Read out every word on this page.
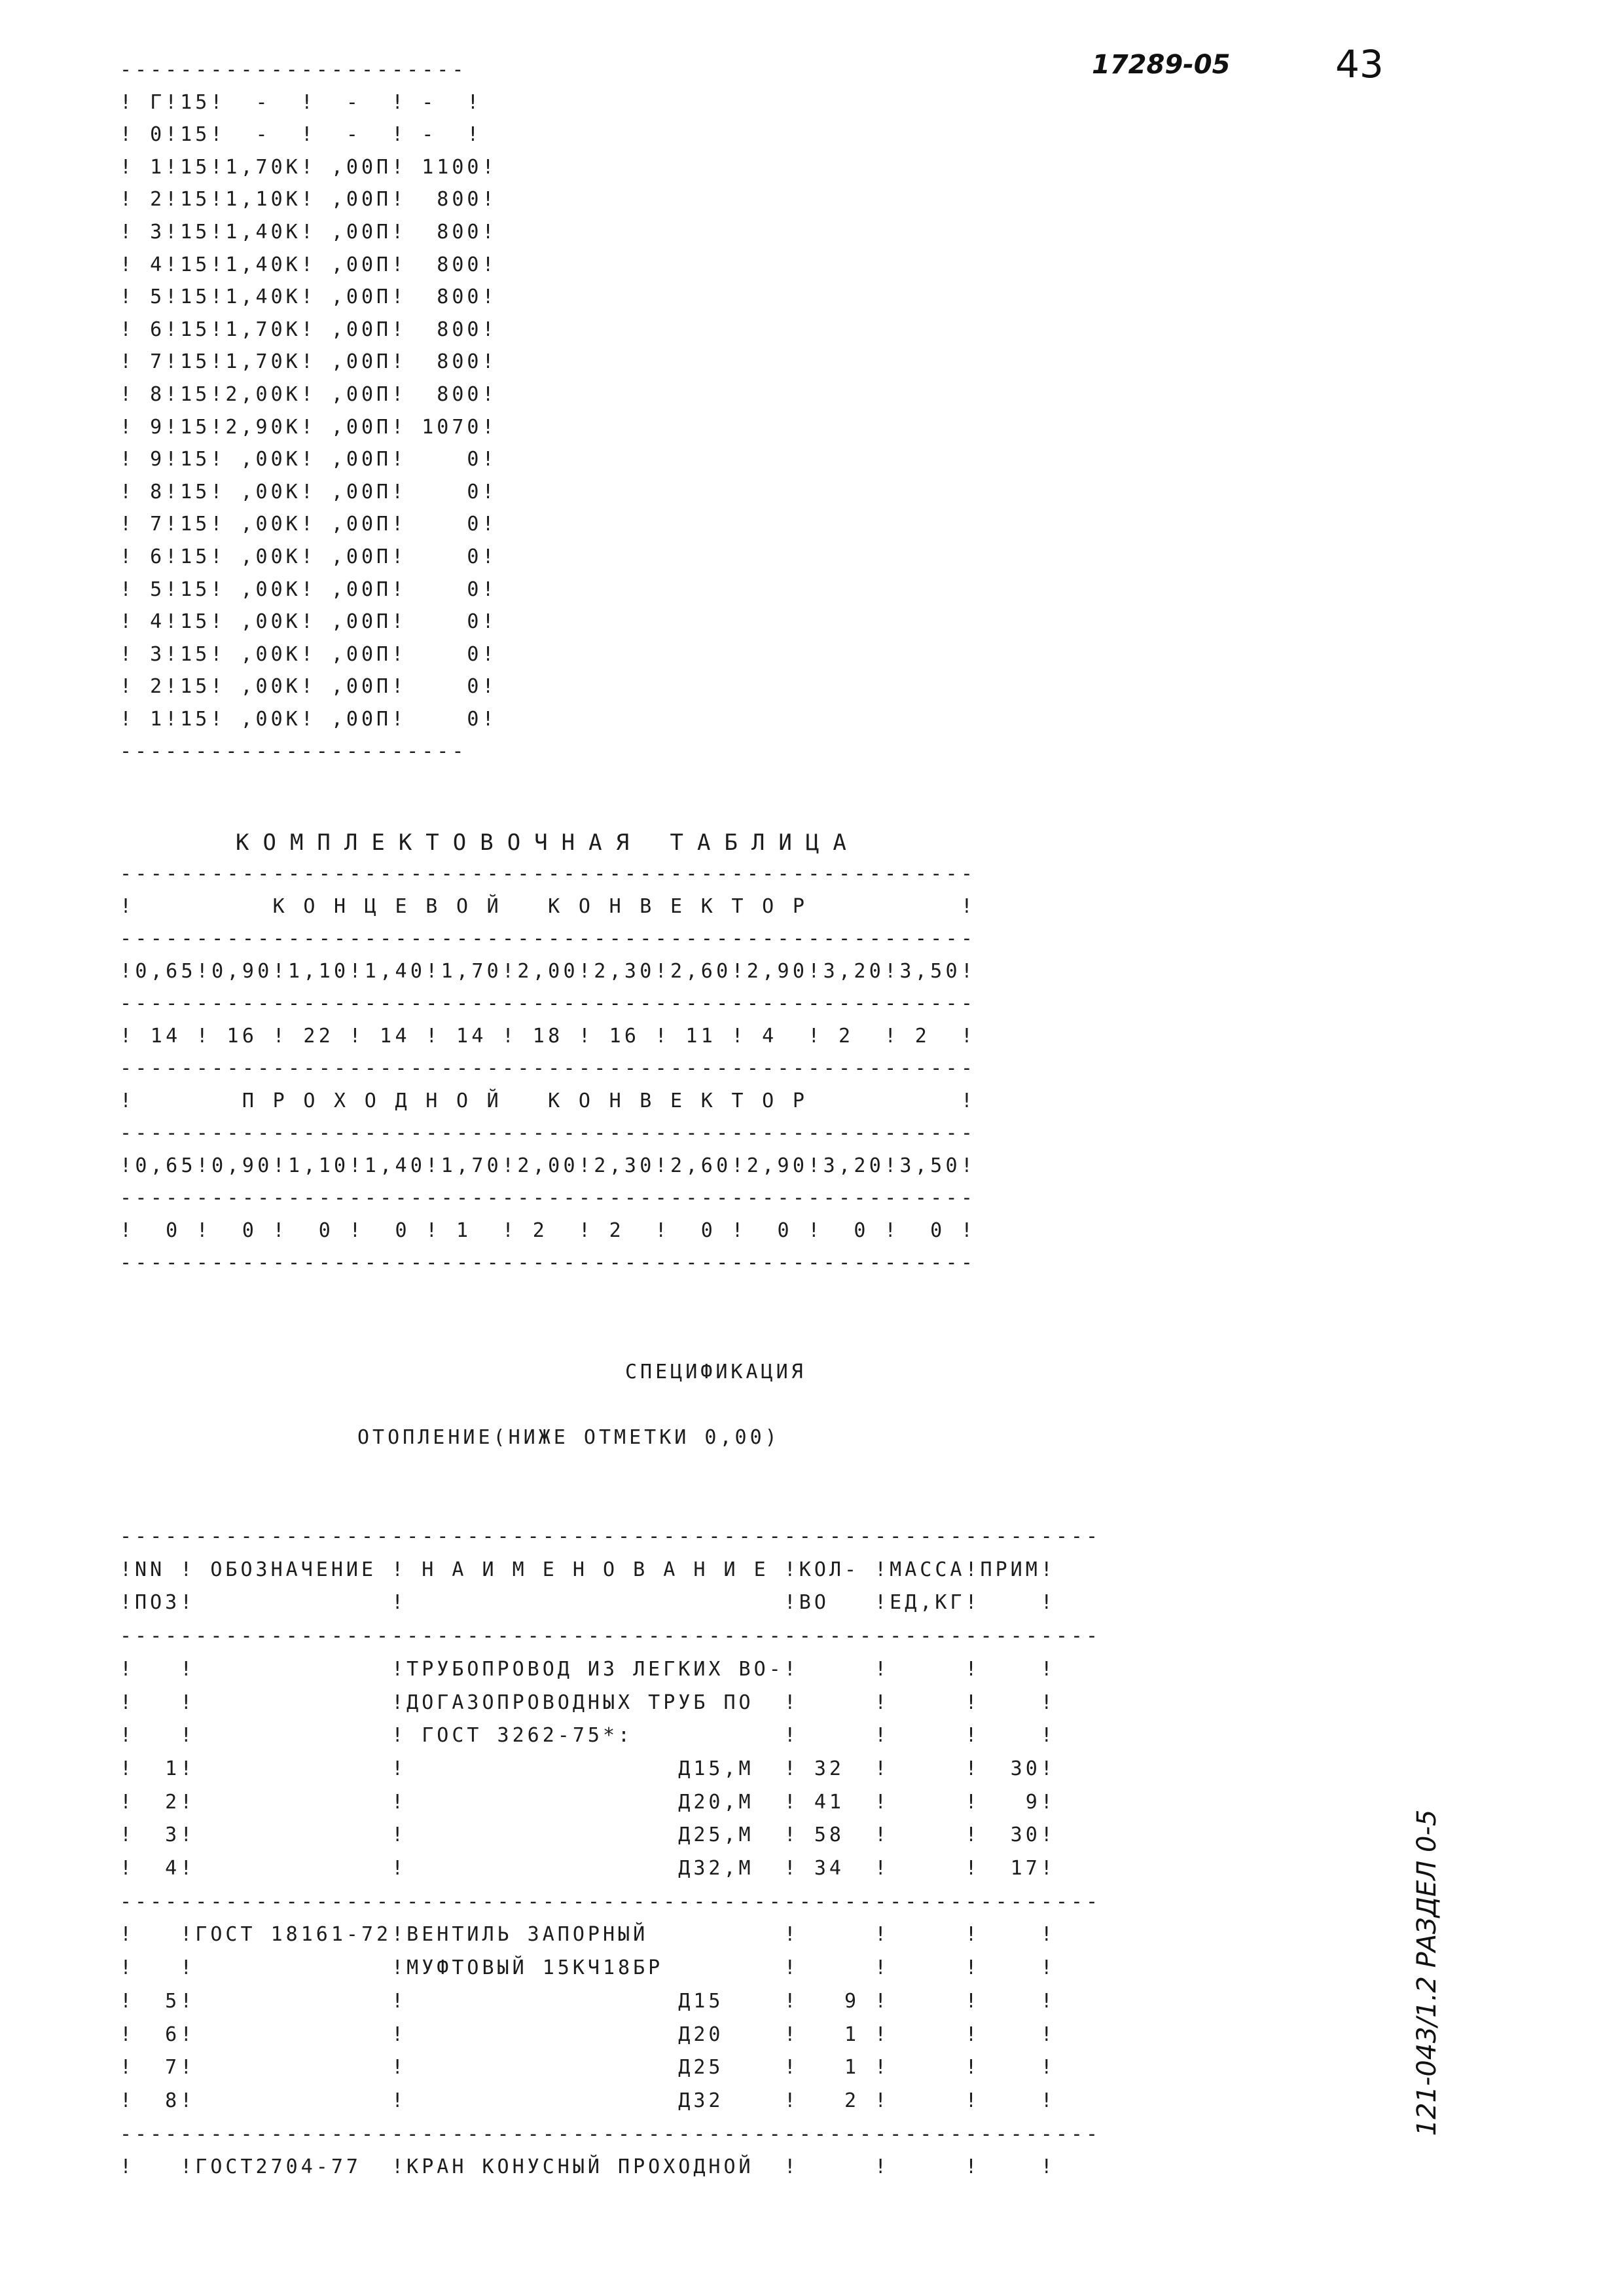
17289-05	43
-----------------------
! Г!15!  -  !  -  ! -  !
! 0!15!  -  !  -  ! -  !
! 1!15!1,70К! ,00П! 1100!
! 2!15!1,10К! ,00П!  800!
! 3!15!1,40К! ,00П!  800!
! 4!15!1,40К! ,00П!  800!
! 5!15!1,40К! ,00П!  800!
! 6!15!1,70К! ,00П!  800!
! 7!15!1,70К! ,00П!  800!
! 8!15!2,00К! ,00П!  800!
! 9!15!2,90К! ,00П! 1070!
! 9!15! ,00К! ,00П!    0!
! 8!15! ,00К! ,00П!    0!
! 7!15! ,00К! ,00П!    0!
! 6!15! ,00К! ,00П!    0!
! 5!15! ,00К! ,00П!    0!
! 4!15! ,00К! ,00П!    0!
! 3!15! ,00К! ,00П!    0!
! 2!15! ,00К! ,00П!    0!
! 1!15! ,00К! ,00П!    0!
-----------------------
КОМПЛЕКТОВОЧНАЯ ТАБЛИЦА
--------------------------------------------------------
!         К О Н Ц Е В О Й   К О Н В Е К Т О Р          !
--------------------------------------------------------
!0,65!0,90!1,10!1,40!1,70!2,00!2,30!2,60!2,90!3,20!3,50!
--------------------------------------------------------
! 14 ! 16 ! 22 ! 14 ! 14 ! 18 ! 16 ! 11 ! 4  ! 2  ! 2  !
--------------------------------------------------------
!       П Р О Х О Д Н О Й   К О Н В Е К Т О Р          !
--------------------------------------------------------
!0,65!0,90!1,10!1,40!1,70!2,00!2,30!2,60!2,90!3,20!3,50!
--------------------------------------------------------
!  0 !  0 !  0 !  0 ! 1  ! 2  ! 2  !  0 !  0 !  0 !  0 !
--------------------------------------------------------
СПЕЦИФИКАЦИЯ
ОТОПЛЕНИЕ(НИЖЕ ОТМЕТКИ 0,00)
-----------------------------------------------------------------
!NN ! ОБОЗНАЧЕНИЕ ! Н А И М Е Н О В А Н И Е !КОЛ- !МАССА!ПРИМ!
!ПОЗ!             !                         !ВО   !ЕД,КГ!    !
-----------------------------------------------------------------
!   !             !ТРУБОПРОВОД ИЗ ЛЕГКИХ ВО-!     !     !    !
!   !             !ДОГАЗОПРОВОДНЫХ ТРУБ ПО  !     !     !    !
!   !             ! ГОСТ 3262-75*:          !     !     !    !
!  1!             !                  Д15,М  ! 32  !     !  30!
!  2!             !                  Д20,М  ! 41  !     !   9!
!  3!             !                  Д25,М  ! 58  !     !  30!
!  4!             !                  Д32,М  ! 34  !     !  17!
-----------------------------------------------------------------
!   !ГОСТ 18161-72!ВЕНТИЛЬ ЗАПОРНЫЙ         !     !     !    !
!   !             !МУФТОВЫЙ 15КЧ18БР        !     !     !    !
!  5!             !                  Д15    !   9 !     !    !
!  6!             !                  Д20    !   1 !     !    !
!  7!             !                  Д25    !   1 !     !    !
!  8!             !                  Д32    !   2 !     !    !
-----------------------------------------------------------------
!   !ГОСТ2704-77  !КРАН КОНУСНЫЙ ПРОХОДНОЙ  !     !     !    !
121-043/1.2 РАЗДЕЛ 0-5
